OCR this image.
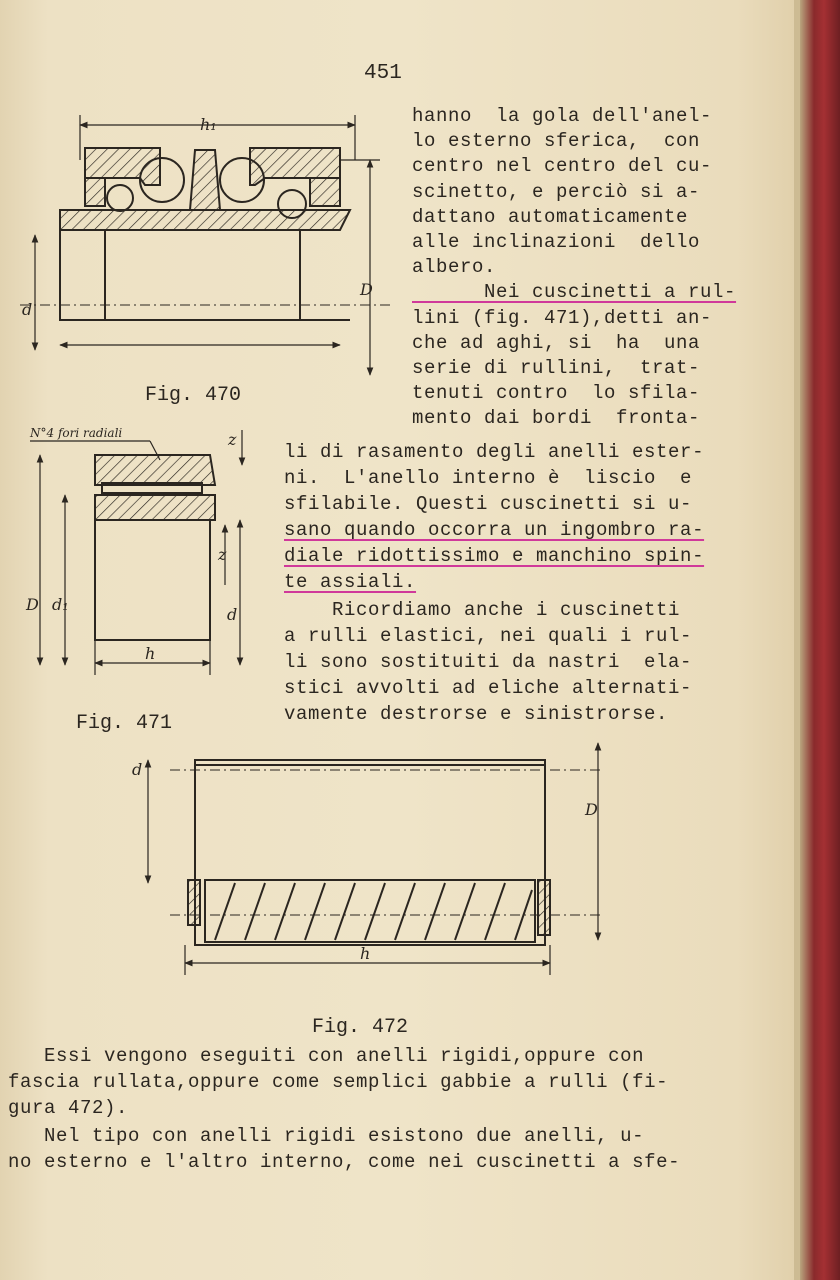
451
hanno  la gola dell'anel-
lo esterno sferica,  con
centro nel centro del cu-
scinetto, e perciò si a-
dattano automaticamente
alle inclinazioni  dello
albero.
Nei cuscinetti a rul-
lini (fig. 471),detti an-
che ad aghi, si  ha  una
serie di rullini,  trat-
tenuti contro  lo sfila-
mento dai bordi  fronta-
li di rasamento degli anelli ester-
ni.  L'anello interno è  liscio  e
sfilabile. Questi cuscinetti si u-
sano quando occorra un ingombro ra-
diale ridottissimo e manchino spin-
te assiali.
Ricordiamo anche i cuscinetti
a rulli elastici, nei quali i rul-
li sono sostituiti da nastri  ela-
stici avvolti ad eliche alternati-
vamente destrorse e sinistrorse.
Essi vengono eseguiti con anelli rigidi,oppure con
fascia rullata,oppure come semplici gabbie a rulli (fi-
gura 472).
Nel tipo con anelli rigidi esistono due anelli, u-
no esterno e l'altro interno, come nei cuscinetti a sfe-
h₁
d
D
Fig. 470
N°4 fori radiali	z
D d₁
d
z
h
Fig. 471
d
D
h
Fig. 472
